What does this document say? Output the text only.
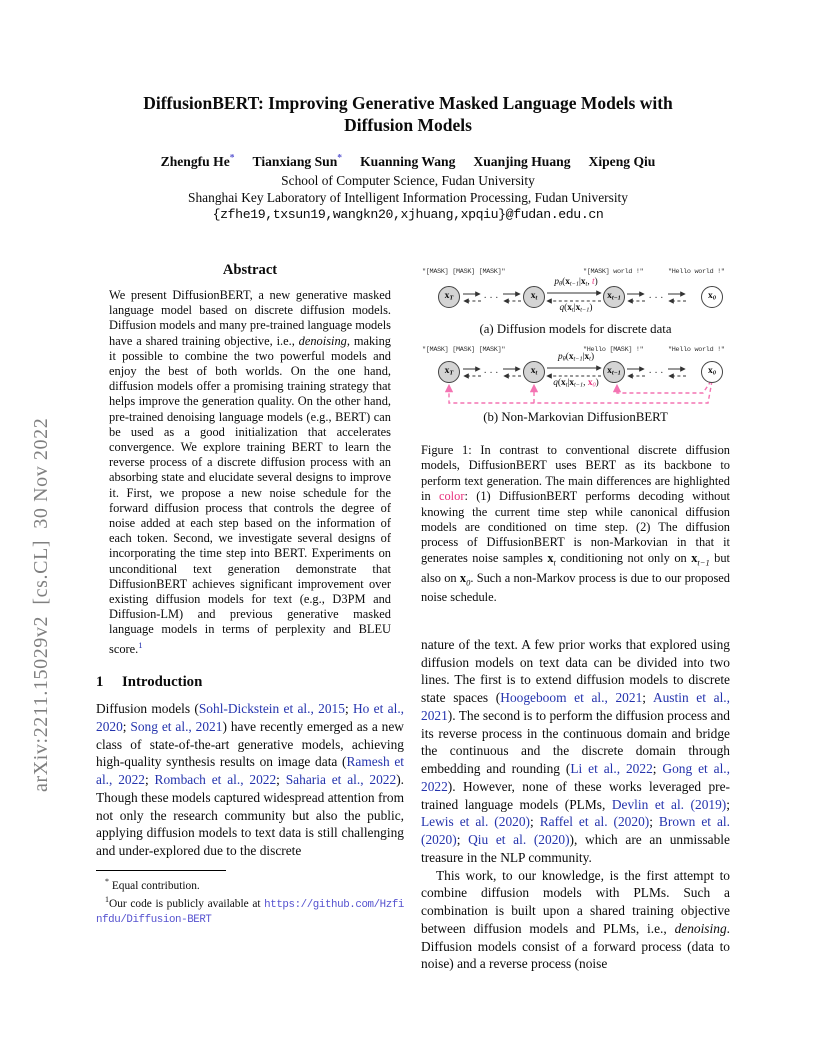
arXiv:2211.15029v2  [cs.CL]  30 Nov 2022
DiffusionBERT: Improving Generative Masked Language Models with
Diffusion Models
Zhengfu He* Tianxiang Sun* Kuanning Wang Xuanjing Huang Xipeng Qiu
School of Computer Science, Fudan University
Shanghai Key Laboratory of Intelligent Information Processing, Fudan University
{zfhe19,txsun19,wangkn20,xjhuang,xpqiu}@fudan.edu.cn
Abstract

We present DiffusionBERT, a new generative masked language model based on discrete diffusion models. Diffusion models and many pre-trained language models have a shared training objective, i.e., denoising, making it possible to combine the two powerful models and enjoy the best of both worlds. On the one hand, diffusion models offer a promising training strategy that helps improve the generation quality. On the other hand, pre-trained denoising language models (e.g., BERT) can be used as a good initialization that accelerates convergence. We explore training BERT to learn the reverse process of a discrete diffusion process with an absorbing state and elucidate several designs to improve it. First, we propose a new noise schedule for the forward diffusion process that controls the degree of noise added at each step based on the information of each token. Second, we investigate several designs of incorporating the time step into BERT. Experiments on unconditional text generation demonstrate that DiffusionBERT achieves significant improvement over existing diffusion models for text (e.g., D3PM and Diffusion-LM) and previous generative masked language models in terms of perplexity and BLEU score.$^1$

1 Introduction

Diffusion models (Sohl-Dickstein et al., 2015; Ho et al., 2020; Song et al., 2021) have recently emerged as a new class of state-of-the-art generative models, achieving high-quality synthesis results on image data (Ramesh et al., 2022; Rombach et al., 2022; Saharia et al., 2022). Though these models captured widespread attention from not only the research community but also the public, applying diffusion models to text data is still challenging and under-explored due to the discrete

* Equal contribution.

$^1$Our code is publicly available at https://github.com/Hzfinfdu/Diffusion-BERT

· · ·	· · ·
"[MASK] [MASK] [MASK]"	"[MASK] world !"	"Hello world !"
xT	xt	xt−1	x0
pθ(xt−1|xt, t)
q(xt|xt−1)
(a) Diffusion models for discrete data
· · ·	· · ·
"[MASK] [MASK] [MASK]"	"Hello [MASK] !"	"Hello world !"
xT	xt	xt−1	x0
pθ(xt−1|xt)
q(xt|xt−1, x0)
(b) Non-Markovian DiffusionBERT

Figure 1: In contrast to conventional discrete diffusion models, DiffusionBERT uses BERT as its backbone to perform text generation. The main differences are highlighted in color: (1) DiffusionBERT performs decoding without knowing the current time step while canonical diffusion models are conditioned on time step. (2) The diffusion process of DiffusionBERT is non-Markovian in that it generates noise samples $x_t$ conditioning not only on $x_{t-1}$ but also on $x_0$. Such a non-Markov process is due to our proposed noise schedule.

nature of the text. A few prior works that explored using diffusion models on text data can be divided into two lines. The first is to extend diffusion models to discrete state spaces (Hoogeboom et al., 2021; Austin et al., 2021). The second is to perform the diffusion process and its reverse process in the continuous domain and bridge the continuous and the discrete domain through embedding and rounding (Li et al., 2022; Gong et al., 2022). However, none of these works leveraged pre-trained language models (PLMs, Devlin et al. (2019); Lewis et al. (2020); Raffel et al. (2020); Brown et al. (2020); Qiu et al. (2020)), which are an unmissable treasure in the NLP community.

This work, to our knowledge, is the first attempt to combine diffusion models with PLMs. Such a combination is built upon a shared training objective between diffusion models and PLMs, i.e., denoising. Diffusion models consist of a forward process (data to noise) and a reverse process (noise
